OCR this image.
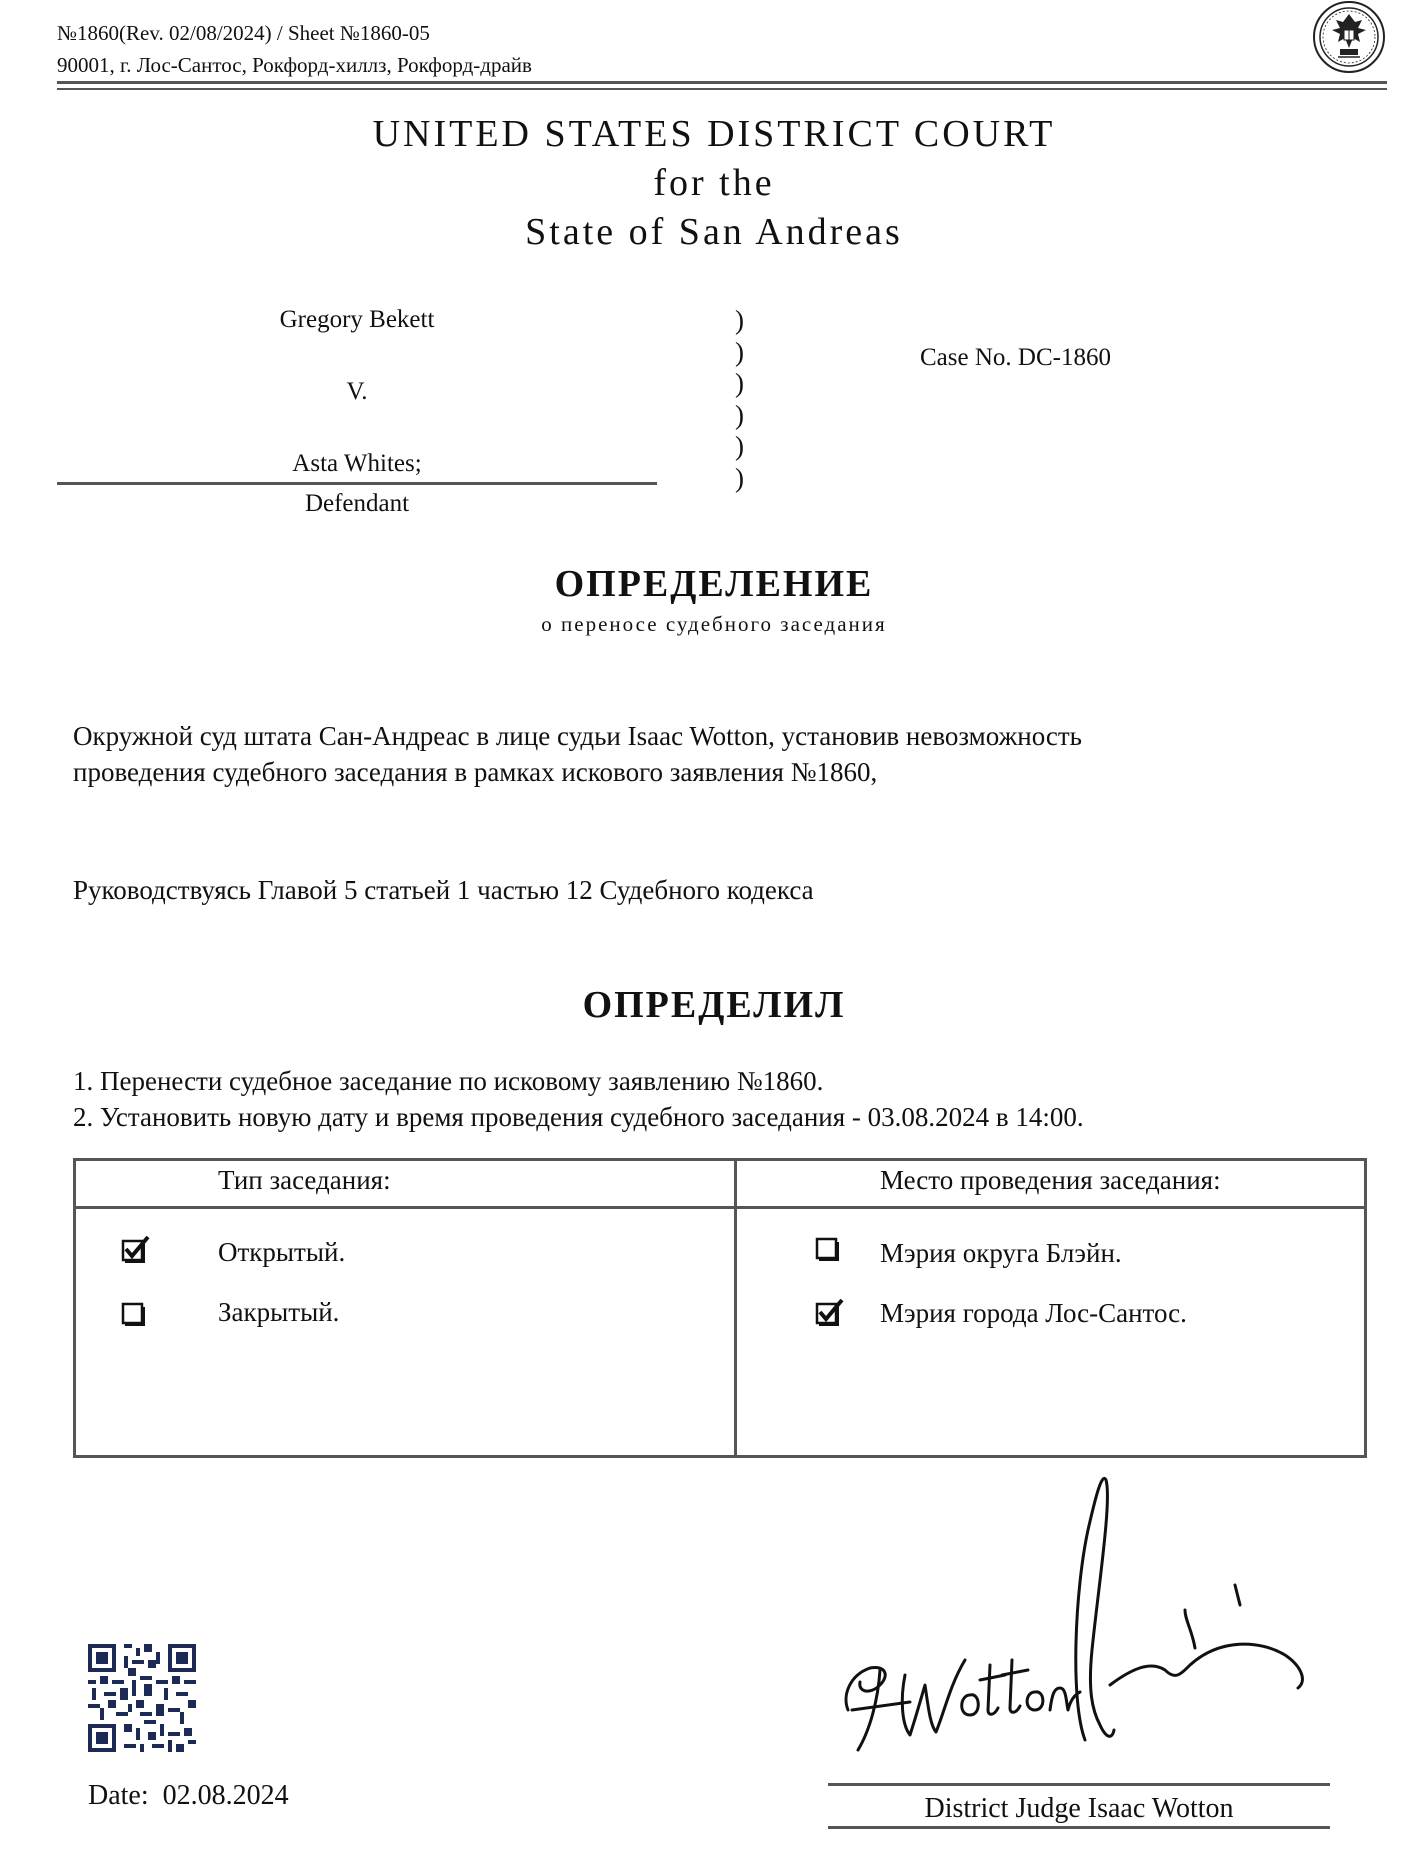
№1860(Rev. 02/08/2024) / Sheet №1860-05
90001, г. Лос-Сантос, Рокфорд-хиллз, Рокфорд-драйв
UNITED STATES DISTRICT COURT
for the
State of San Andreas
Gregory Bekett
V.
Asta Whites;
Defendant
)
)
)
)
)
)
Case No. DC-1860
ОПРЕДЕЛЕНИЕ
о переносе судебного заседания
Окружной суд штата Сан-Андреас в лице судьи Isaac Wotton, установив невозможность
проведения судебного заседания в рамках искового заявления №1860,
Руководствуясь Главой 5 статьей 1 частью 12 Судебного кодекса
ОПРЕДЕЛИЛ
1. Перенести судебное заседание по исковому заявлению №1860.
2. Установить новую дату и время проведения судебного заседания - 03.08.2024 в 14:00.
Тип заседания:	Место проведения заседания:
Открытый.
Закрытый.
Мэрия округа Блэйн.
Мэрия города Лос-Сантос.
Date: 02.08.2024	District Judge Isaac Wotton
